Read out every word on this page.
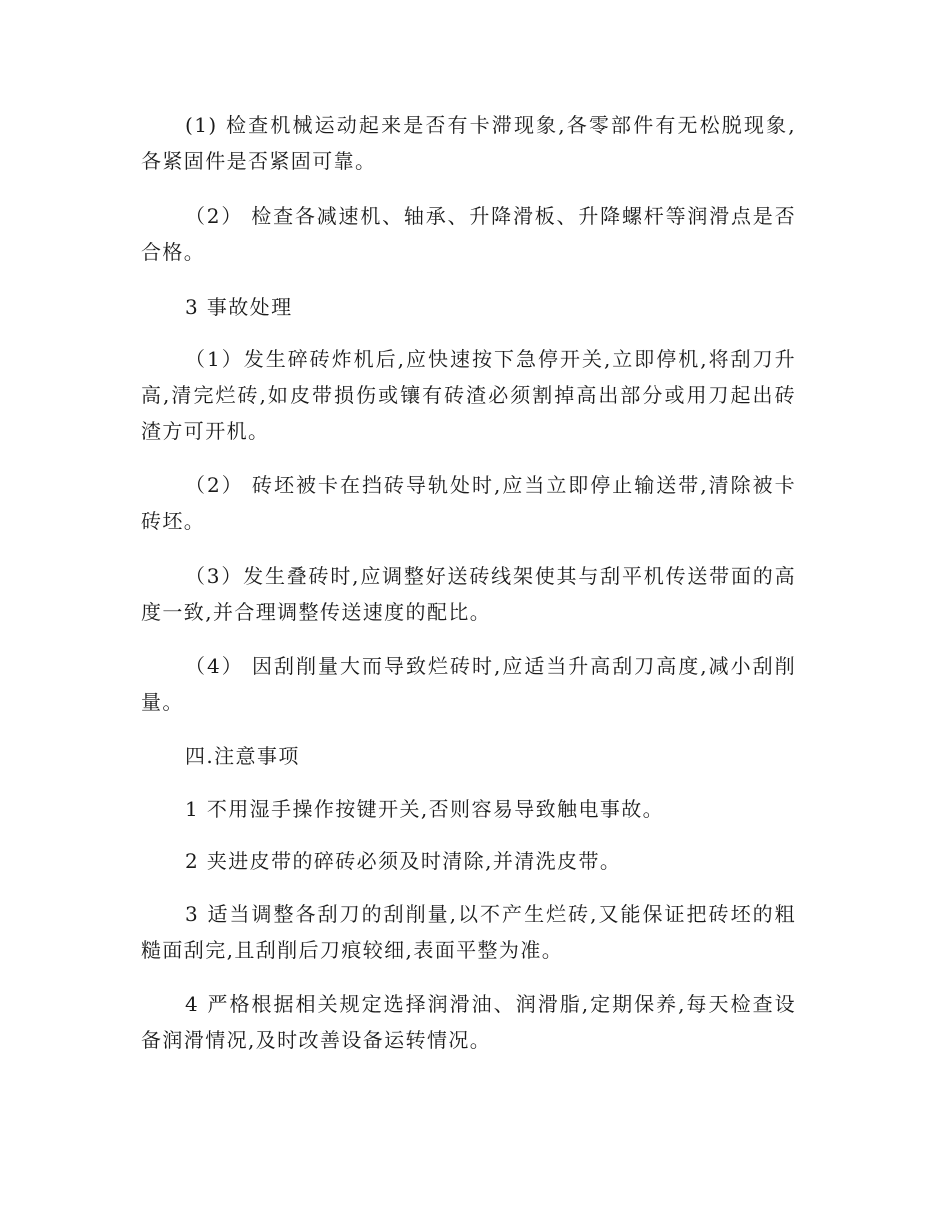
(1) 检查机械运动起来是否有卡滞现象,各零部件有无松脱现象,各紧固件是否紧固可靠。

（2） 检查各减速机、轴承、升降滑板、升降螺杆等润滑点是否合格。

3 事故处理

（1）发生碎砖炸机后,应快速按下急停开关,立即停机,将刮刀升高,清完烂砖,如皮带损伤或镶有砖渣必须割掉高出部分或用刀起出砖渣方可开机。

（2） 砖坯被卡在挡砖导轨处时,应当立即停止输送带,清除被卡砖坯。

（3）发生叠砖时,应调整好送砖线架使其与刮平机传送带面的高度一致,并合理调整传送速度的配比。

（4） 因刮削量大而导致烂砖时,应适当升高刮刀高度,减小刮削量。

四.注意事项

1 不用湿手操作按键开关,否则容易导致触电事故。

2 夹进皮带的碎砖必须及时清除,并清洗皮带。

3 适当调整各刮刀的刮削量,以不产生烂砖,又能保证把砖坯的粗糙面刮完,且刮削后刀痕较细,表面平整为准。

4 严格根据相关规定选择润滑油、润滑脂,定期保养,每天检查设备润滑情况,及时改善设备运转情况。
